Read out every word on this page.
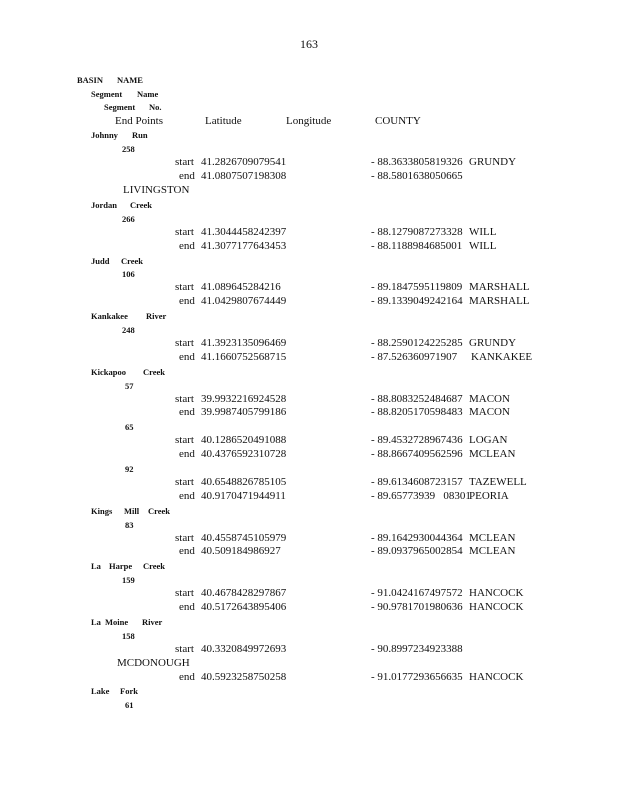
163
BASIN NAME
Segment Name
Segment No.
End Points	Latitude	Longitude	COUNTY
Johnny Run
258
start 41.2826709079541	- 88.3633805819326 GRUNDY
end 41.0807507198308	- 88.5801638050665
LIVINGSTON
Jordan Creek
266
start 41.3044458242397	- 88.1279087273328 WILL
end 41.3077177643453	- 88.1188984685001 WILL
Judd Creek
106
start 41.089645284216	- 89.1847595119809 MARSHALL
end 41.0429807674449	- 89.1339049242164 MARSHALL
Kankakee River
248
start 41.3923135096469	- 88.2590124225285 GRUNDY
end 41.1660752568715	- 87.526360971907 KANKAKEE
Kickapoo Creek
57
start 39.9932216924528	- 88.8083252484687 MACON
end 39.9987405799186	- 88.8205170598483 MACON
65
start 40.1286520491088	- 89.4532728967436 LOGAN
end 40.4376592310728	- 88.8667409562596 MCLEAN
92
start 40.6548826785105	- 89.6134608723157 TAZEWELL
end 40.9170471944911	- 89.65773939   08301
PEORIA
Kings Mill Creek
83
start 40.4558745105979	- 89.1642930044364 MCLEAN
end 40.509184986927	- 89.0937965002854 MCLEAN
La Harpe Creek
159
start 40.4678428297867	- 91.0424167497572 HANCOCK
end 40.5172643895406	- 90.9781701980636 HANCOCK
La Moine River
158
start 40.3320849972693	- 90.8997234923388
MCDONOUGH
end 40.5923258750258	- 91.0177293656635 HANCOCK
Lake Fork
61
